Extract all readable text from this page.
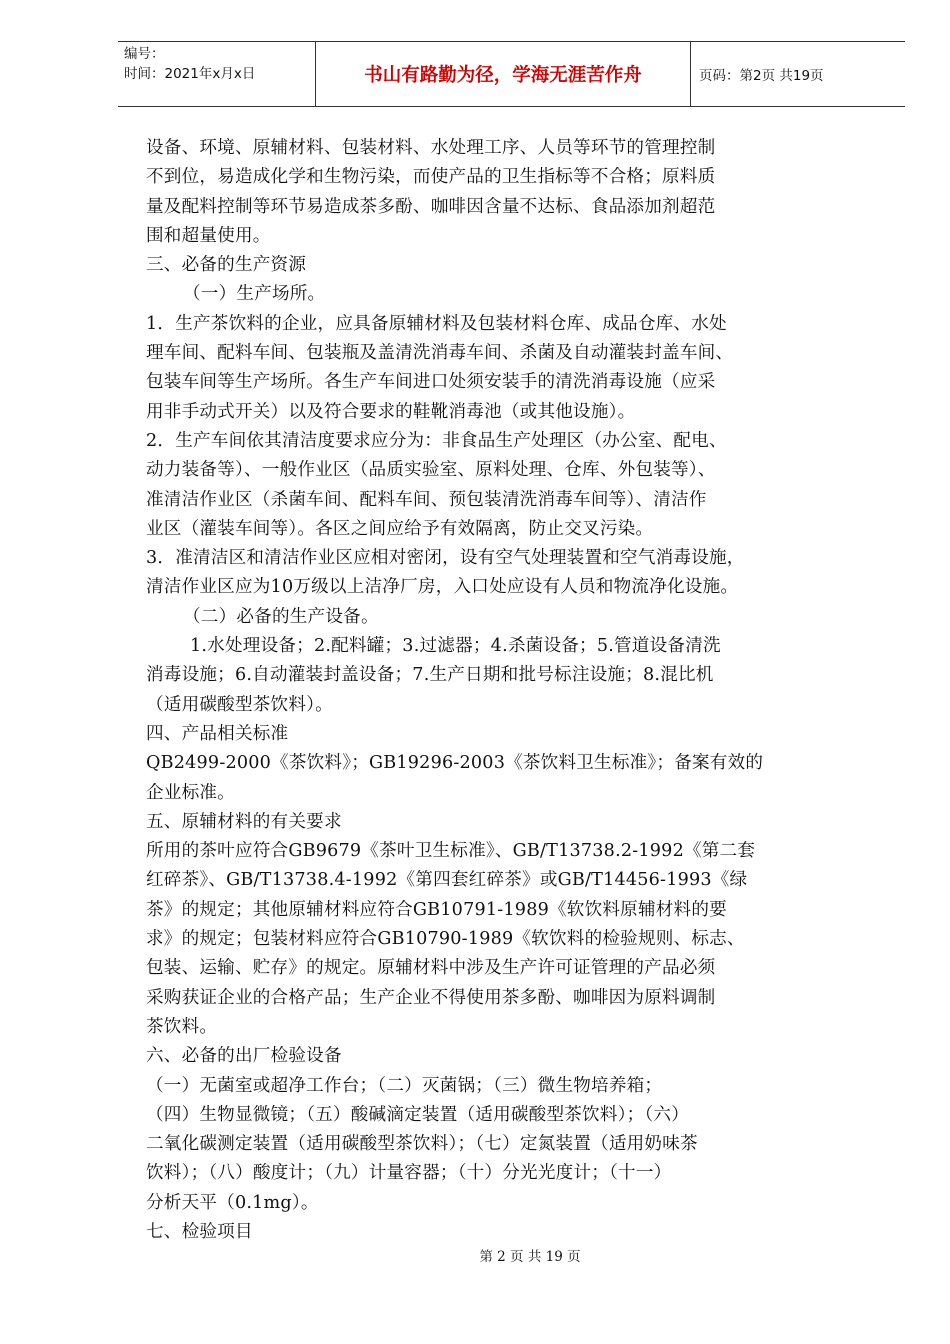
编号：
时间：2021年x月x日	书山有路勤为径，学海无涯苦作舟	页码：第2页 共19页

设备、环境、原辅材料、包装材料、水处理工序、人员等环节的管理控制

不到位，易造成化学和生物污染，而使产品的卫生指标等不合格；原料质

量及配料控制等环节易造成茶多酚、咖啡因含量不达标、食品添加剂超范

围和超量使用。

三、必备的生产资源

（一）生产场所。

1．生产茶饮料的企业，应具备原辅材料及包装材料仓库、成品仓库、水处

理车间、配料车间、包装瓶及盖清洗消毒车间、杀菌及自动灌装封盖车间、

包装车间等生产场所。各生产车间进口处须安装手的清洗消毒设施（应采

用非手动式开关）以及符合要求的鞋靴消毒池（或其他设施）。

2．生产车间依其清洁度要求应分为：非食品生产处理区（办公室、配电、

动力装备等）、一般作业区（品质实验室、原料处理、仓库、外包装等）、

准清洁作业区（杀菌车间、配料车间、预包装清洗消毒车间等）、清洁作

业区（灌装车间等）。各区之间应给予有效隔离，防止交叉污染。

3．准清洁区和清洁作业区应相对密闭，设有空气处理装置和空气消毒设施，

清洁作业区应为10万级以上洁净厂房，入口处应设有人员和物流净化设施。

（二）必备的生产设备。

1.水处理设备；2.配料罐；3.过滤器；4.杀菌设备；5.管道设备清洗

消毒设施；6.自动灌装封盖设备；7.生产日期和批号标注设施；8.混比机

（适用碳酸型茶饮料）。

四、产品相关标准

QB2499-2000《茶饮料》；GB19296-2003《茶饮料卫生标准》；备案有效的

企业标准。

五、原辅材料的有关要求

所用的茶叶应符合GB9679《茶叶卫生标准》、GB/T13738.2-1992《第二套

红碎茶》、GB/T13738.4-1992《第四套红碎茶》或GB/T14456-1993《绿

茶》的规定；其他原辅材料应符合GB10791-1989《软饮料原辅材料的要

求》的规定；包装材料应符合GB10790-1989《软饮料的检验规则、标志、

包装、运输、贮存》的规定。原辅材料中涉及生产许可证管理的产品必须

采购获证企业的合格产品；生产企业不得使用茶多酚、咖啡因为原料调制

茶饮料。

六、必备的出厂检验设备

（一）无菌室或超净工作台；（二）灭菌锅；（三）微生物培养箱；

（四）生物显微镜；（五）酸碱滴定装置（适用碳酸型茶饮料）；（六）

二氧化碳测定装置（适用碳酸型茶饮料）；（七）定氮装置（适用奶味茶

饮料）；（八）酸度计；（九）计量容器；（十）分光光度计；（十一）

分析天平（0.1mg）。

七、检验项目

第 2 页 共 19 页
